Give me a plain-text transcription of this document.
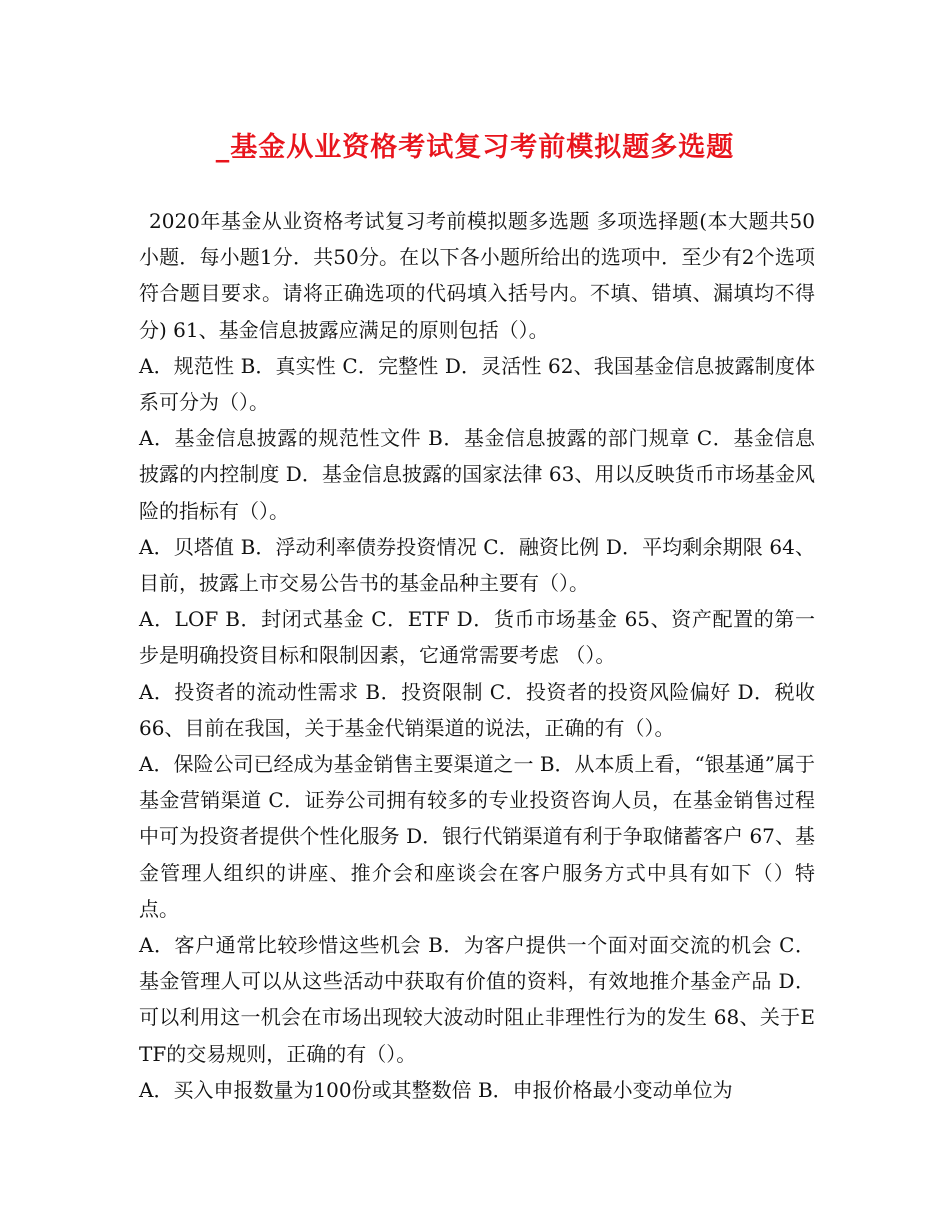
_基金从业资格考试复习考前模拟题多选题

2020年基金从业资格考试复习考前模拟题多选题 多项选择题(本大题共50小题．每小题1分．共50分。在以下各小题所给出的选项中．至少有2个选项符合题目要求。请将正确选项的代码填入括号内。不填、错填、漏填均不得分) 61、基金信息披露应满足的原则包括（）。

A．规范性 B．真实性 C．完整性 D．灵活性 62、我国基金信息披露制度体系可分为（）。

A．基金信息披露的规范性文件 B．基金信息披露的部门规章 C．基金信息披露的内控制度 D．基金信息披露的国家法律 63、用以反映货币市场基金风险的指标有（）。

A．贝塔值 B．浮动利率债券投资情况 C．融资比例 D．平均剩余期限 64、目前，披露上市交易公告书的基金品种主要有（）。

A．LOF B．封闭式基金 C．ETF D．货币市场基金 65、资产配置的第一步是明确投资目标和限制因素，它通常需要考虑 （）。

A．投资者的流动性需求 B．投资限制 C．投资者的投资风险偏好 D．税收 66、目前在我国，关于基金代销渠道的说法，正确的有（）。

A．保险公司已经成为基金销售主要渠道之一 B．从本质上看，“银基通”属于基金营销渠道 C．证券公司拥有较多的专业投资咨询人员，在基金销售过程中可为投资者提供个性化服务 D．银行代销渠道有利于争取储蓄客户 67、基金管理人组织的讲座、推介会和座谈会在客户服务方式中具有如下（）特点。

A．客户通常比较珍惜这些机会 B．为客户提供一个面对面交流的机会 C．基金管理人可以从这些活动中获取有价值的资料，有效地推介基金产品 D．可以利用这一机会在市场出现较大波动时阻止非理性行为的发生 68、关于ETF的交易规则，正确的有（）。

A．买入申报数量为100份或其整数倍 B．申报价格最小变动单位为
